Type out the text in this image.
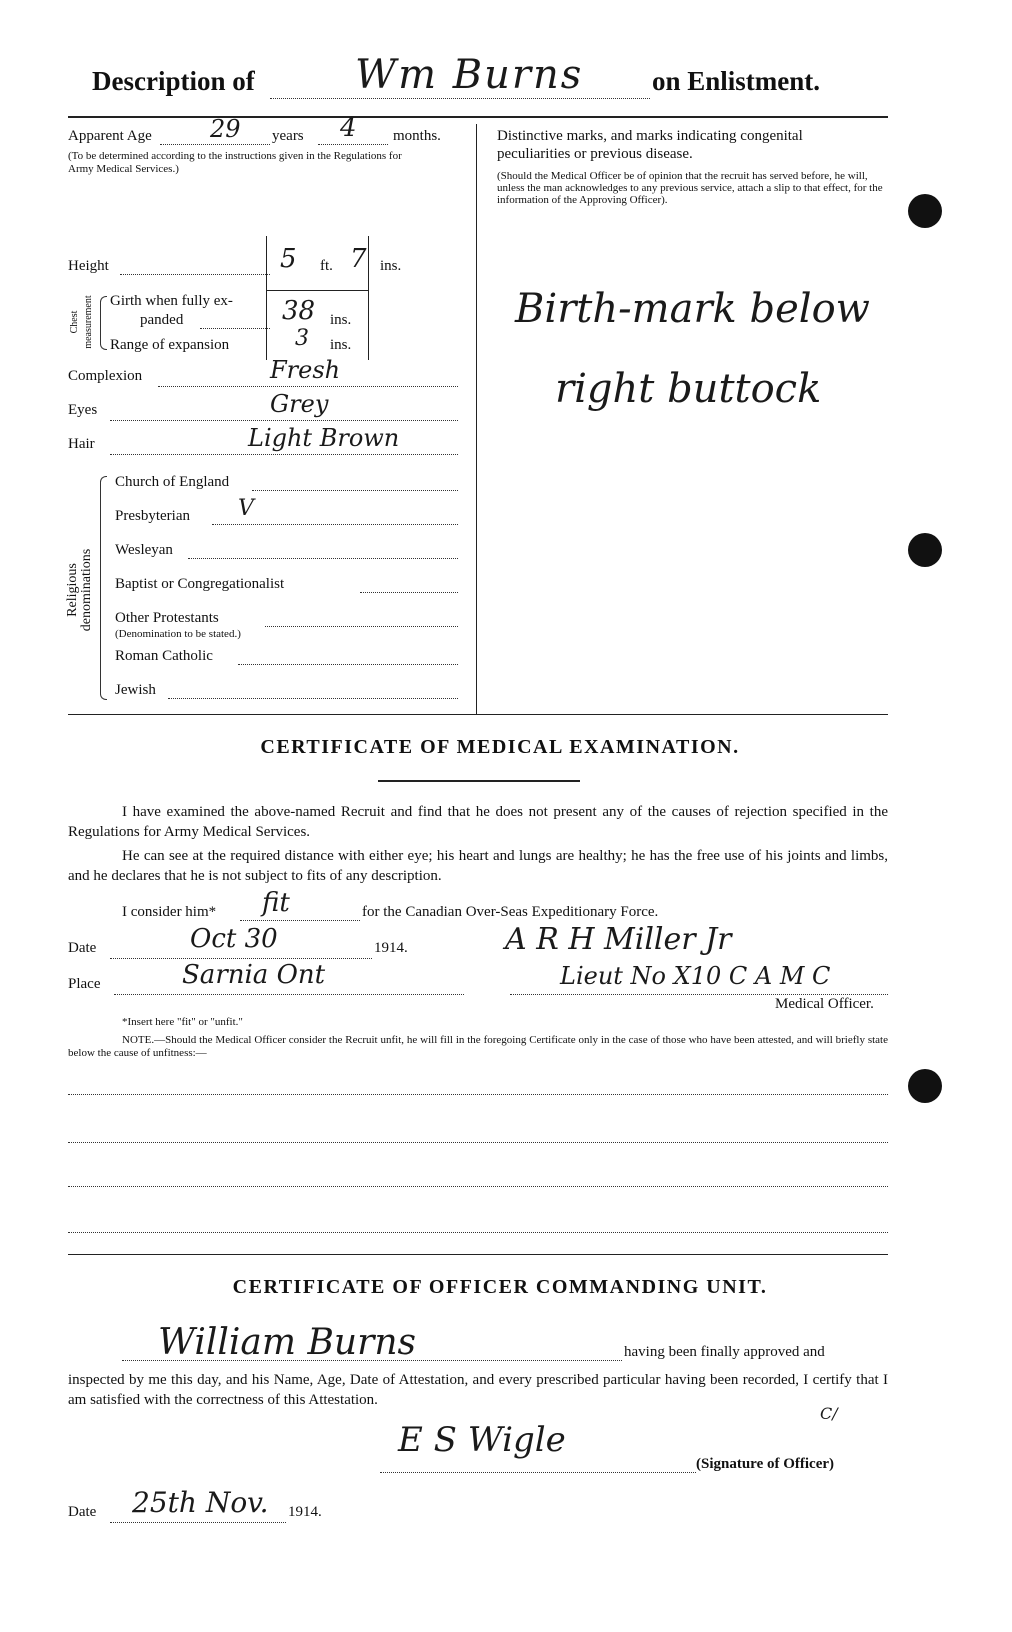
Description of	Wm Burns	on Enlistment.
Apparent Age 29 years 4 months.
(To be determined according to the instructions given in the Regulations for Army Medical Services.)
Height	5 ft. 7 ins.
Chest measurement Girth when fully ex-
panded	38 ins.
Range of expansion	3 ins.
Complexion	Fresh
Eyes	Grey
Hair	Light Brown
Religious denominations
Church of England
Presbyterian V
Wesleyan
Baptist or Congregationalist
Other Protestants
(Denomination to be stated.)
Roman Catholic
Jewish
Distinctive marks, and marks indicating congenital
peculiarities or previous disease.
(Should the Medical Officer be of opinion that the recruit has served before, he will, unless the man acknowledges to any previous service, attach a slip to that effect, for the information of the Approving Officer).
Birth-mark below
right buttock
CERTIFICATE OF MEDICAL EXAMINATION.
I have examined the above-named Recruit and find that he does not present any of the causes of rejection specified in the Regulations for Army Medical Services.
He can see at the required distance with either eye; his heart and lungs are healthy; he has the free use of his joints and limbs, and he declares that he is not subject to fits of any description.
I consider him* fit	for the Canadian Over-Seas Expeditionary Force.
Date	Oct 30	1914.	A R H Miller Jr
Place	Sarnia Ont	Lieut No X10 C A M C
Medical Officer.
*Insert here "fit" or "unfit."
NOTE.—Should the Medical Officer consider the Recruit unfit, he will fill in the foregoing Certificate only in the case of those who have been attested, and will briefly state below the cause of unfitness:—
CERTIFICATE OF OFFICER COMMANDING UNIT.
William Burns	having been finally approved and
inspected by me this day, and his Name, Age, Date of Attestation, and every prescribed particular having been recorded, I certify that I am satisfied with the correctness of this Attestation.
C/
E S Wigle
(Signature of Officer)
Date 25th Nov. 1914.
